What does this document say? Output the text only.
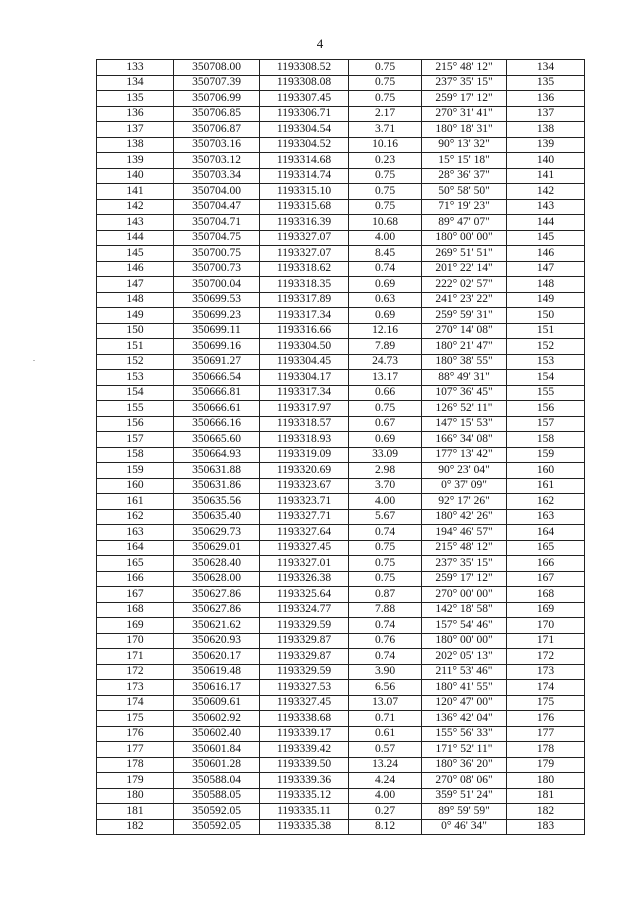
4
133	350708.00	1193308.52	0.75	215° 48' 12"	134
134	350707.39	1193308.08	0.75	237° 35' 15"	135
135	350706.99	1193307.45	0.75	259° 17' 12"	136
136	350706.85	1193306.71	2.17	270° 31' 41"	137
137	350706.87	1193304.54	3.71	180° 18' 31"	138
138	350703.16	1193304.52	10.16	90° 13' 32"	139
139	350703.12	1193314.68	0.23	15° 15' 18"	140
140	350703.34	1193314.74	0.75	28° 36' 37"	141
141	350704.00	1193315.10	0.75	50° 58' 50"	142
142	350704.47	1193315.68	0.75	71° 19' 23"	143
143	350704.71	1193316.39	10.68	89° 47' 07"	144
144	350704.75	1193327.07	4.00	180° 00' 00"	145
145	350700.75	1193327.07	8.45	269° 51' 51"	146
146	350700.73	1193318.62	0.74	201° 22' 14"	147
147	350700.04	1193318.35	0.69	222° 02' 57"	148
148	350699.53	1193317.89	0.63	241° 23' 22"	149
149	350699.23	1193317.34	0.69	259° 59' 31"	150
150	350699.11	1193316.66	12.16	270° 14' 08"	151
151	350699.16	1193304.50	7.89	180° 21' 47"	152
152	350691.27	1193304.45	24.73	180° 38' 55"	153
153	350666.54	1193304.17	13.17	88° 49' 31"	154
154	350666.81	1193317.34	0.66	107° 36' 45"	155
155	350666.61	1193317.97	0.75	126° 52' 11"	156
156	350666.16	1193318.57	0.67	147° 15' 53"	157
157	350665.60	1193318.93	0.69	166° 34' 08"	158
158	350664.93	1193319.09	33.09	177° 13' 42"	159
159	350631.88	1193320.69	2.98	90° 23' 04"	160
160	350631.86	1193323.67	3.70	0° 37' 09"	161
161	350635.56	1193323.71	4.00	92° 17' 26"	162
162	350635.40	1193327.71	5.67	180° 42' 26"	163
163	350629.73	1193327.64	0.74	194° 46' 57"	164
164	350629.01	1193327.45	0.75	215° 48' 12"	165
165	350628.40	1193327.01	0.75	237° 35' 15"	166
166	350628.00	1193326.38	0.75	259° 17' 12"	167
167	350627.86	1193325.64	0.87	270° 00' 00"	168
168	350627.86	1193324.77	7.88	142° 18' 58"	169
169	350621.62	1193329.59	0.74	157° 54' 46"	170
170	350620.93	1193329.87	0.76	180° 00' 00"	171
171	350620.17	1193329.87	0.74	202° 05' 13"	172
172	350619.48	1193329.59	3.90	211° 53' 46"	173
173	350616.17	1193327.53	6.56	180° 41' 55"	174
174	350609.61	1193327.45	13.07	120° 47' 00"	175
175	350602.92	1193338.68	0.71	136° 42' 04"	176
176	350602.40	1193339.17	0.61	155° 56' 33"	177
177	350601.84	1193339.42	0.57	171° 52' 11"	178
178	350601.28	1193339.50	13.24	180° 36' 20"	179
179	350588.04	1193339.36	4.24	270° 08' 06"	180
180	350588.05	1193335.12	4.00	359° 51' 24"	181
181	350592.05	1193335.11	0.27	89° 59' 59"	182
182	350592.05	1193335.38	8.12	0° 46' 34"	183
